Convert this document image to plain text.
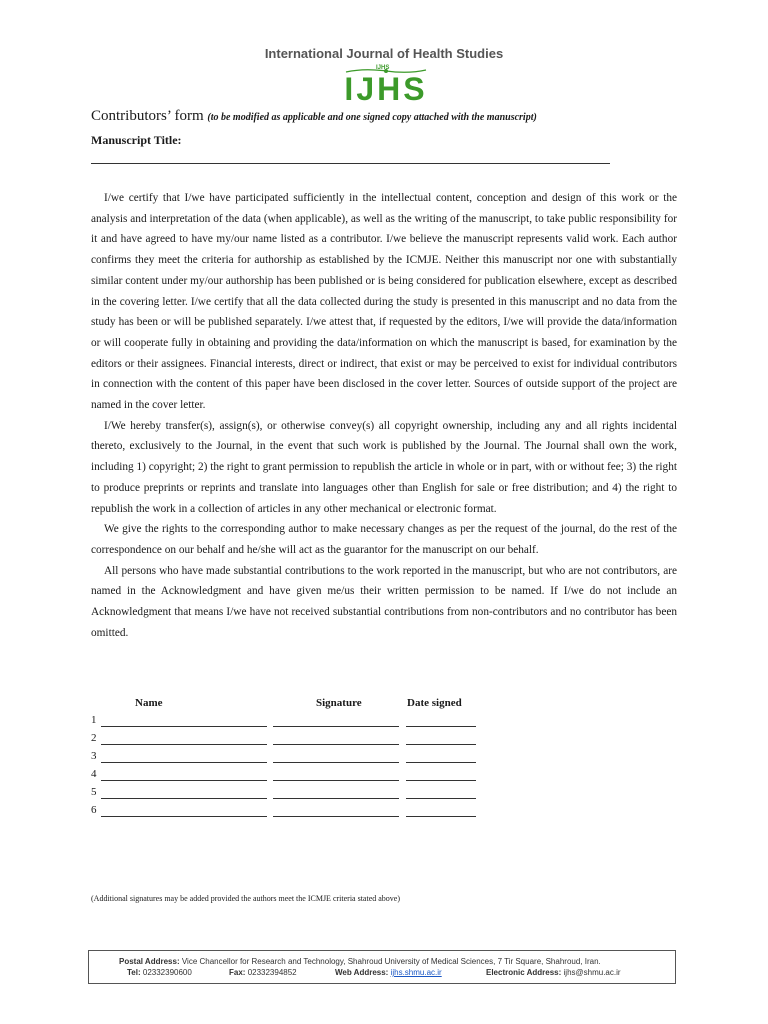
International Journal of Health Studies
IJHS
IJHS
Contributors’ form (to be modified as applicable and one signed copy attached with the manuscript)
Manuscript Title:

I/we certify that I/we have participated sufficiently in the intellectual content, conception and design of this work or the analysis and interpretation of the data (when applicable), as well as the writing of the manuscript, to take public responsibility for it and have agreed to have my/our name listed as a contributor. I/we believe the manuscript represents valid work. Each author confirms they meet the criteria for authorship as established by the ICMJE. Neither this manuscript nor one with substantially similar content under my/our authorship has been published or is being considered for publication elsewhere, except as described in the covering letter. I/we certify that all the data collected during the study is presented in this manuscript and no data from the study has been or will be published separately. I/we attest that, if requested by the editors, I/we will provide the data/information or will cooperate fully in obtaining and providing the data/information on which the manuscript is based, for examination by the editors or their assignees. Financial interests, direct or indirect, that exist or may be perceived to exist for individual contributors in connection with the content of this paper have been disclosed in the cover letter. Sources of outside support of the project are named in the cover letter.

I/We hereby transfer(s), assign(s), or otherwise convey(s) all copyright ownership, including any and all rights incidental thereto, exclusively to the Journal, in the event that such work is published by the Journal. The Journal shall own the work, including 1) copyright; 2) the right to grant permission to republish the article in whole or in part, with or without fee; 3) the right to produce preprints or reprints and translate into languages other than English for sale or free distribution; and 4) the right to republish the work in a collection of articles in any other mechanical or electronic format.

We give the rights to the corresponding author to make necessary changes as per the request of the journal, do the rest of the correspondence on our behalf and he/she will act as the guarantor for the manuscript on our behalf.

All persons who have made substantial contributions to the work reported in the manuscript, but who are not contributors, are named in the Acknowledgment and have given me/us their written permission to be named. If I/we do not include an Acknowledgment that means I/we have not received substantial contributions from non-contributors and no contributor has been omitted.

Name	Signature	Date signed
1
2
3
4
5
6
(Additional signatures may be added provided the authors meet the ICMJE criteria stated above)
Postal Address: Vice Chancellor for Research and Technology, Shahroud University of Medical Sciences, 7 Tir Square, Shahroud, Iran.
Tel: 02332390600	Fax: 02332394852	Web Address: ijhs.shmu.ac.ir	Electronic Address: ijhs@shmu.ac.ir
